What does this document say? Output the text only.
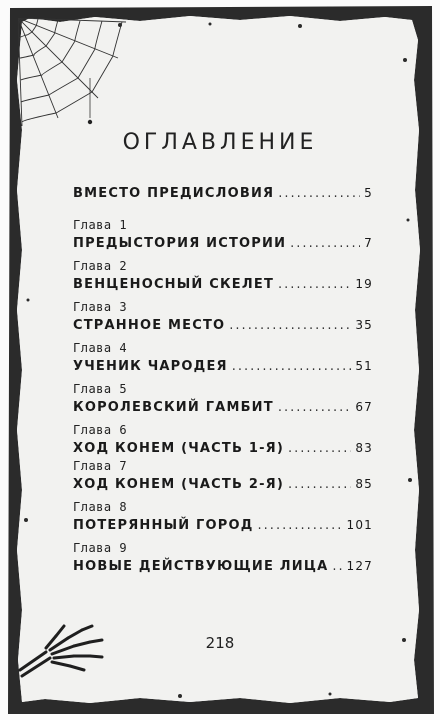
ОГЛАВЛЕНИЕ
ВМЕСТО ПРЕДИСЛОВИЯ .....	5
Глава 1
ПРЕДЫСТОРИЯ ИСТОРИИ .....	7
Глава 2
ВЕНЦЕНОСНЫЙ СКЕЛЕТ .....	19
Глава 3
СТРАННОЕ МЕСТО .....	35
Глава 4
УЧЕНИК ЧАРОДЕЯ .....	51
Глава 5
КОРОЛЕВСКИЙ ГАМБИТ .....	67
Глава 6
ХОД КОНЕМ (ЧАСТЬ 1-Я) .....	83
Глава 7
ХОД КОНЕМ (ЧАСТЬ 2-Я) .....	85
Глава 8
ПОТЕРЯННЫЙ ГОРОД .....	101
Глава 9
НОВЫЕ ДЕЙСТВУЮЩИЕ ЛИЦА ..... 127
218
